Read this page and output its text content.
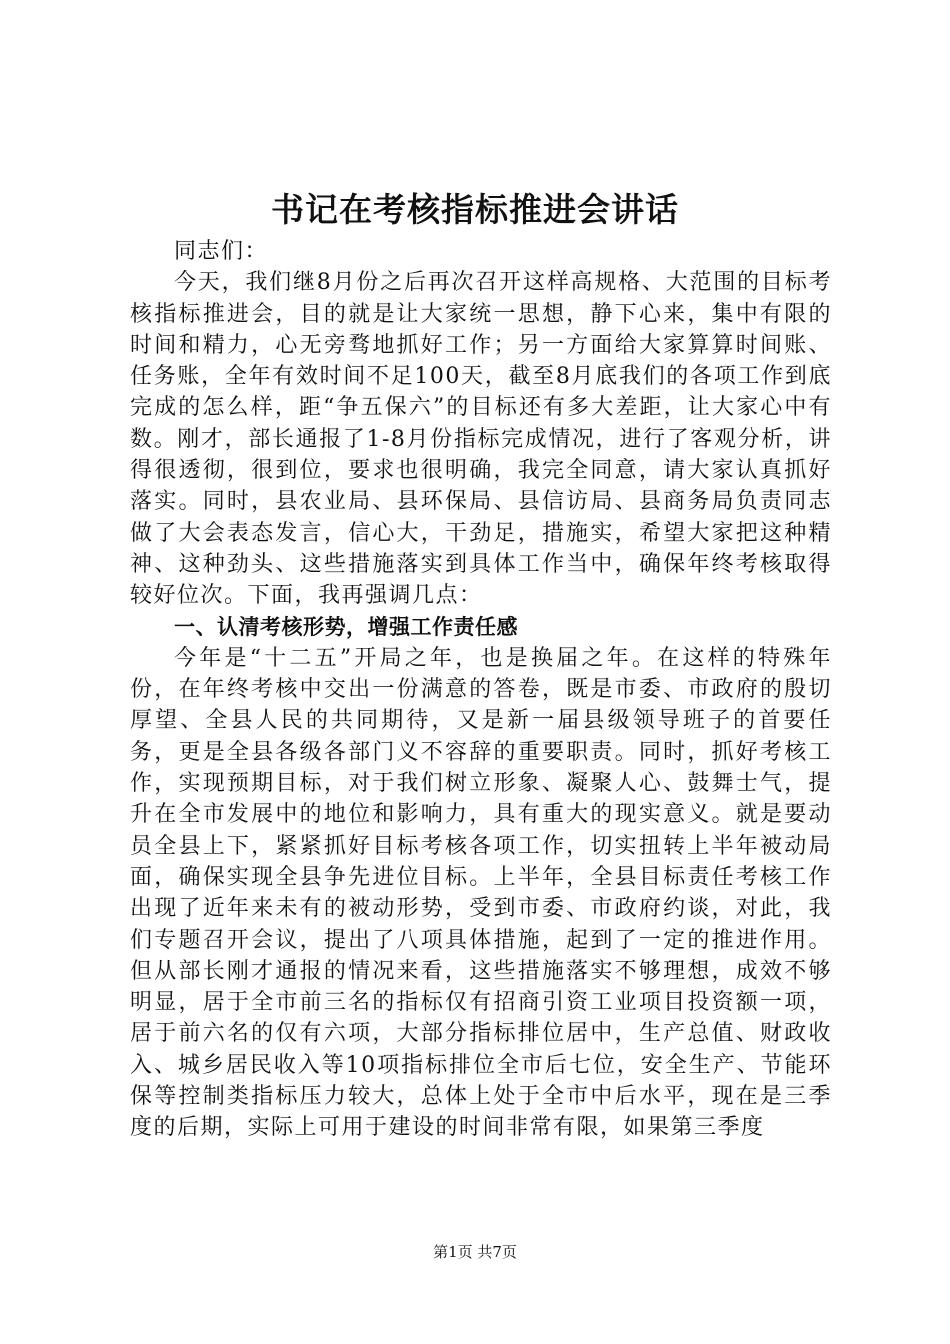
书记在考核指标推进会讲话

同志们：

今天，我们继8月份之后再次召开这样高规格、大范围的目标考核指标推进会，目的就是让大家统一思想，静下心来，集中有限的时间和精力，心无旁骛地抓好工作；另一方面给大家算算时间账、任务账，全年有效时间不足100天，截至8月底我们的各项工作到底完成的怎么样，距“争五保六”的目标还有多大差距，让大家心中有数。刚才，部长通报了1-8月份指标完成情况，进行了客观分析，讲得很透彻，很到位，要求也很明确，我完全同意，请大家认真抓好落实。同时，县农业局、县环保局、县信访局、县商务局负责同志做了大会表态发言，信心大，干劲足，措施实，希望大家把这种精神、这种劲头、这些措施落实到具体工作当中，确保年终考核取得较好位次。下面，我再强调几点：

一、认清考核形势，增强工作责任感

今年是“十二五”开局之年，也是换届之年。在这样的特殊年份，在年终考核中交出一份满意的答卷，既是市委、市政府的殷切厚望、全县人民的共同期待，又是新一届县级领导班子的首要任务，更是全县各级各部门义不容辞的重要职责。同时，抓好考核工作，实现预期目标，对于我们树立形象、凝聚人心、鼓舞士气，提升在全市发展中的地位和影响力，具有重大的现实意义。就是要动员全县上下，紧紧抓好目标考核各项工作，切实扭转上半年被动局面，确保实现全县争先进位目标。上半年，全县目标责任考核工作出现了近年来未有的被动形势，受到市委、市政府约谈，对此，我们专题召开会议，提出了八项具体措施，起到了一定的推进作用。但从部长刚才通报的情况来看，这些措施落实不够理想，成效不够明显，居于全市前三名的指标仅有招商引资工业项目投资额一项，居于前六名的仅有六项，大部分指标排位居中，生产总值、财政收入、城乡居民收入等10项指标排位全市后七位，安全生产、节能环保等控制类指标压力较大，总体上处于全市中后水平，现在是三季度的后期，实际上可用于建设的时间非常有限，如果第三季度

第1页 共7页
